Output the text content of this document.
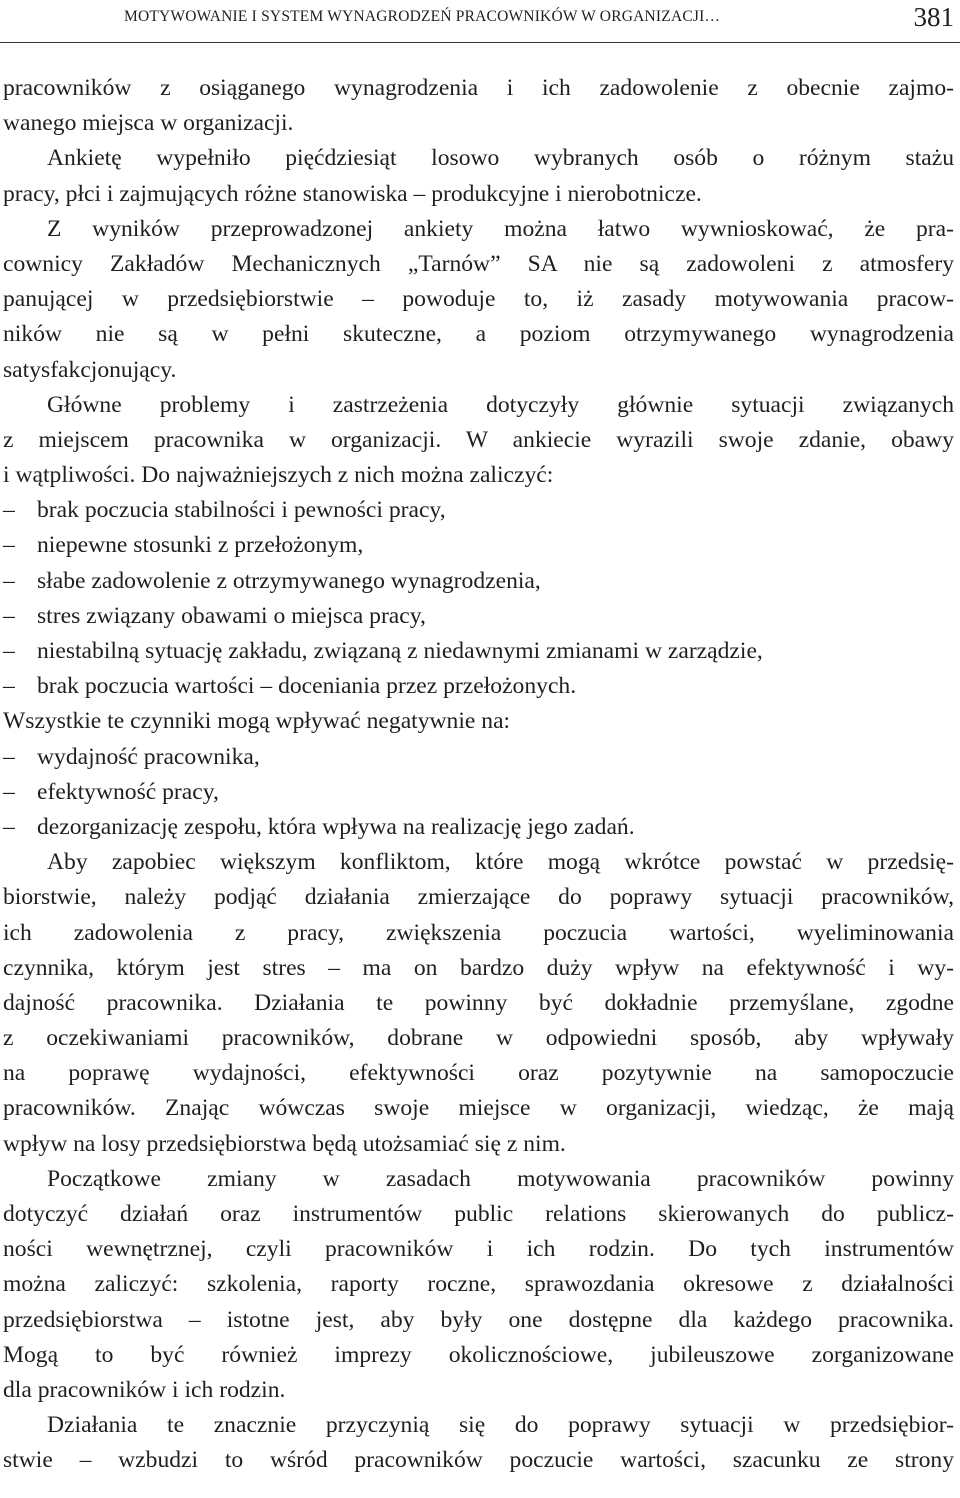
MOTYWOWANIE I SYSTEM WYNAGRODZEŃ PRACOWNIKÓW W ORGANIZACJI…	381
pracowników z osiąganego wynagrodzenia i ich zadowolenie z obecnie zajmo-
wanego miejsca w organizacji.
Ankietę wypełniło pięćdziesiąt losowo wybranych osób o różnym stażu
pracy, płci i zajmujących różne stanowiska – produkcyjne i nierobotnicze.
Z wyników przeprowadzonej ankiety można łatwo wywnioskować, że pra-
cownicy Zakładów Mechanicznych „Tarnów” SA nie są zadowoleni z atmosfery
panującej w przedsiębiorstwie – powoduje to, iż zasady motywowania pracow-
ników nie są w pełni skuteczne, a poziom otrzymywanego wynagrodzenia
satysfakcjonujący.
Główne problemy i zastrzeżenia dotyczyły głównie sytuacji związanych
z miejscem pracownika w organizacji. W ankiecie wyrazili swoje zdanie, obawy
i wątpliwości. Do najważniejszych z nich można zaliczyć:
– brak poczucia stabilności i pewności pracy,
– niepewne stosunki z przełożonym,
– słabe zadowolenie z otrzymywanego wynagrodzenia,
– stres związany obawami o miejsca pracy,
– niestabilną sytuację zakładu, związaną z niedawnymi zmianami w zarządzie,
– brak poczucia wartości – doceniania przez przełożonych.
Wszystkie te czynniki mogą wpływać negatywnie na:
– wydajność pracownika,
– efektywność pracy,
– dezorganizację zespołu, która wpływa na realizację jego zadań.
Aby zapobiec większym konfliktom, które mogą wkrótce powstać w przedsię-
biorstwie, należy podjąć działania zmierzające do poprawy sytuacji pracowników,
ich zadowolenia z pracy, zwiększenia poczucia wartości, wyeliminowania
czynnika, którym jest stres – ma on bardzo duży wpływ na efektywność i wy-
dajność pracownika. Działania te powinny być dokładnie przemyślane, zgodne
z oczekiwaniami pracowników, dobrane w odpowiedni sposób, aby wpływały
na poprawę wydajności, efektywności oraz pozytywnie na samopoczucie
pracowników. Znając wówczas swoje miejsce w organizacji, wiedząc, że mają
wpływ na losy przedsiębiorstwa będą utożsamiać się z nim.
Początkowe zmiany w zasadach motywowania pracowników powinny
dotyczyć działań oraz instrumentów public relations skierowanych do publicz-
ności wewnętrznej, czyli pracowników i ich rodzin. Do tych instrumentów
można zaliczyć: szkolenia, raporty roczne, sprawozdania okresowe z działalności
przedsiębiorstwa – istotne jest, aby były one dostępne dla każdego pracownika.
Mogą to być również imprezy okolicznościowe, jubileuszowe zorganizowane
dla pracowników i ich rodzin.
Działania te znacznie przyczynią się do poprawy sytuacji w przedsiębior-
stwie – wzbudzi to wśród pracowników poczucie wartości, szacunku ze strony
